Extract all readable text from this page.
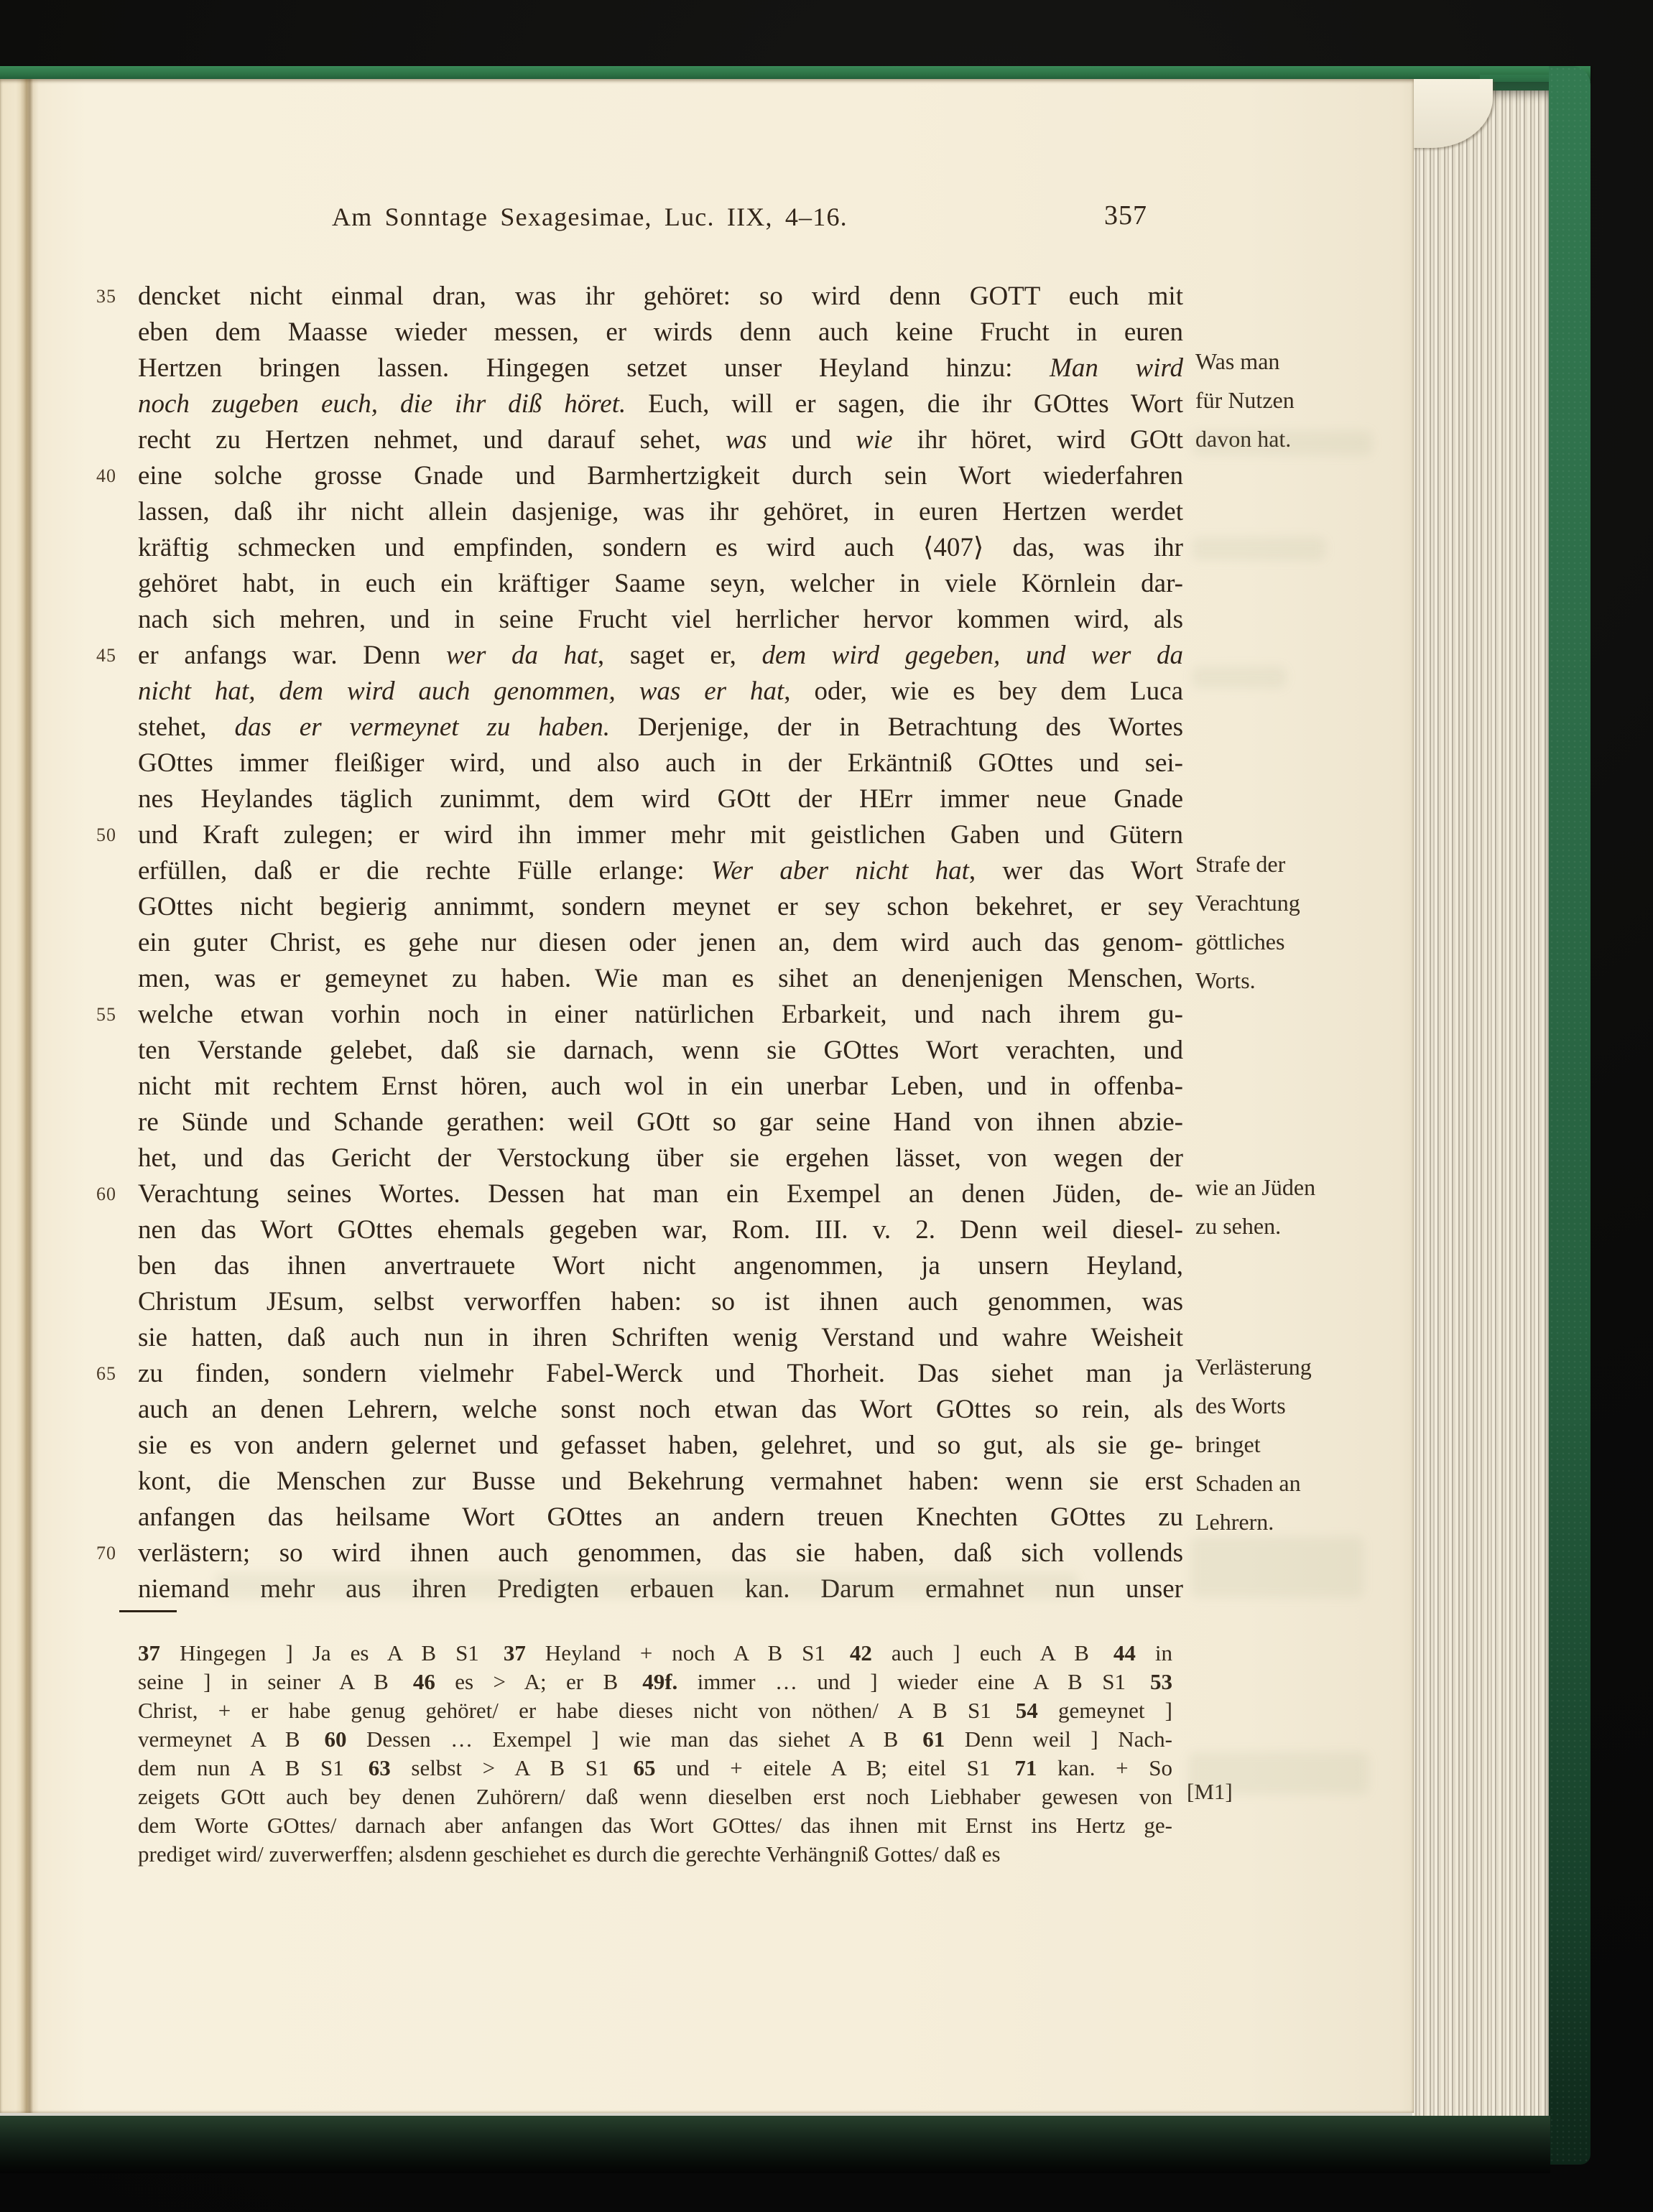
Am Sonntage Sexagesimae, Luc. IIX, 4–16.	357
35 dencket nicht einmal dran, was ihr gehöret: so wird denn GOTT euch mit
eben dem Maasse wieder messen, er wirds denn auch keine Frucht in euren
Hertzen bringen lassen. Hingegen setzet unser Heyland hinzu: Man wird
noch zugeben euch, die ihr diß höret. Euch, will er sagen, die ihr GOttes Wort
recht zu Hertzen nehmet, und darauf sehet, was und wie ihr höret, wird GOtt
40 eine solche grosse Gnade und Barmhertzigkeit durch sein Wort wiederfahren
lassen, daß ihr nicht allein dasjenige, was ihr gehöret, in euren Hertzen werdet
kräftig schmecken und empfinden, sondern es wird auch ⟨407⟩ das, was ihr
gehöret habt, in euch ein kräftiger Saame seyn, welcher in viele Körnlein dar-
nach sich mehren, und in seine Frucht viel herrlicher hervor kommen wird, als
45 er anfangs war. Denn wer da hat, saget er, dem wird gegeben, und wer da
nicht hat, dem wird auch genommen, was er hat, oder, wie es bey dem Luca
stehet, das er vermeynet zu haben. Derjenige, der in Betrachtung des Wortes
GOttes immer fleißiger wird, und also auch in der Erkäntniß GOttes und sei-
nes Heylandes täglich zunimmt, dem wird GOtt der HErr immer neue Gnade
50 und Kraft zulegen; er wird ihn immer mehr mit geistlichen Gaben und Gütern
erfüllen, daß er die rechte Fülle erlange: Wer aber nicht hat, wer das Wort
GOttes nicht begierig annimmt, sondern meynet er sey schon bekehret, er sey
ein guter Christ, es gehe nur diesen oder jenen an, dem wird auch das genom-
men, was er gemeynet zu haben. Wie man es sihet an denenjenigen Menschen,
55 welche etwan vorhin noch in einer natürlichen Erbarkeit, und nach ihrem gu-
ten Verstande gelebet, daß sie darnach, wenn sie GOttes Wort verachten, und
nicht mit rechtem Ernst hören, auch wol in ein unerbar Leben, und in offenba-
re Sünde und Schande gerathen: weil GOtt so gar seine Hand von ihnen abzie-
het, und das Gericht der Verstockung über sie ergehen lässet, von wegen der
60 Verachtung seines Wortes. Dessen hat man ein Exempel an denen Jüden, de-
nen das Wort GOttes ehemals gegeben war, Rom. III. v. 2. Denn weil diesel-
ben das ihnen anvertrauete Wort nicht angenommen, ja unsern Heyland,
Christum JEsum, selbst verworffen haben: so ist ihnen auch genommen, was
sie hatten, daß auch nun in ihren Schriften wenig Verstand und wahre Weisheit
65 zu finden, sondern vielmehr Fabel-Werck und Thorheit. Das siehet man ja
auch an denen Lehrern, welche sonst noch etwan das Wort GOttes so rein, als
sie es von andern gelernet und gefasset haben, gelehret, und so gut, als sie ge-
kont, die Menschen zur Busse und Bekehrung vermahnet haben: wenn sie erst
anfangen das heilsame Wort GOttes an andern treuen Knechten GOttes zu
70 verlästern; so wird ihnen auch genommen, das sie haben, daß sich vollends
niemand mehr aus ihren Predigten erbauen kan. Darum ermahnet nun unser
Was man
für Nutzen
davon hat.
Strafe der
Verachtung
göttliches
Worts.
wie an Jüden
zu sehen.
Verlästerung
des Worts
bringet
Schaden an
Lehrern.
37 Hingegen ] Ja es A B S1 37 Heyland + noch A B S1 42 auch ] euch A B 44 in
seine ] in seiner A B 46 es > A; er B 49f. immer … und ] wieder eine A B S1 53
Christ, + er habe genug gehöret/ er habe dieses nicht von nöthen/ A B S1 54 gemeynet ]
vermeynet A B 60 Dessen … Exempel ] wie man das siehet A B 61 Denn weil ] Nach-
dem nun A B S1 63 selbst > A B S1 65 und + eitele A B; eitel S1 71 kan. + So
zeigets GOtt auch bey denen Zuhörern/ daß wenn dieselben erst noch Liebhaber gewesen von
dem Worte GOttes/ darnach aber anfangen das Wort GOttes/ das ihnen mit Ernst ins Hertz ge-
prediget wird/ zuverwerffen; alsdenn geschiehet es durch die gerechte Verhängniß Gottes/ daß es
[M1]
